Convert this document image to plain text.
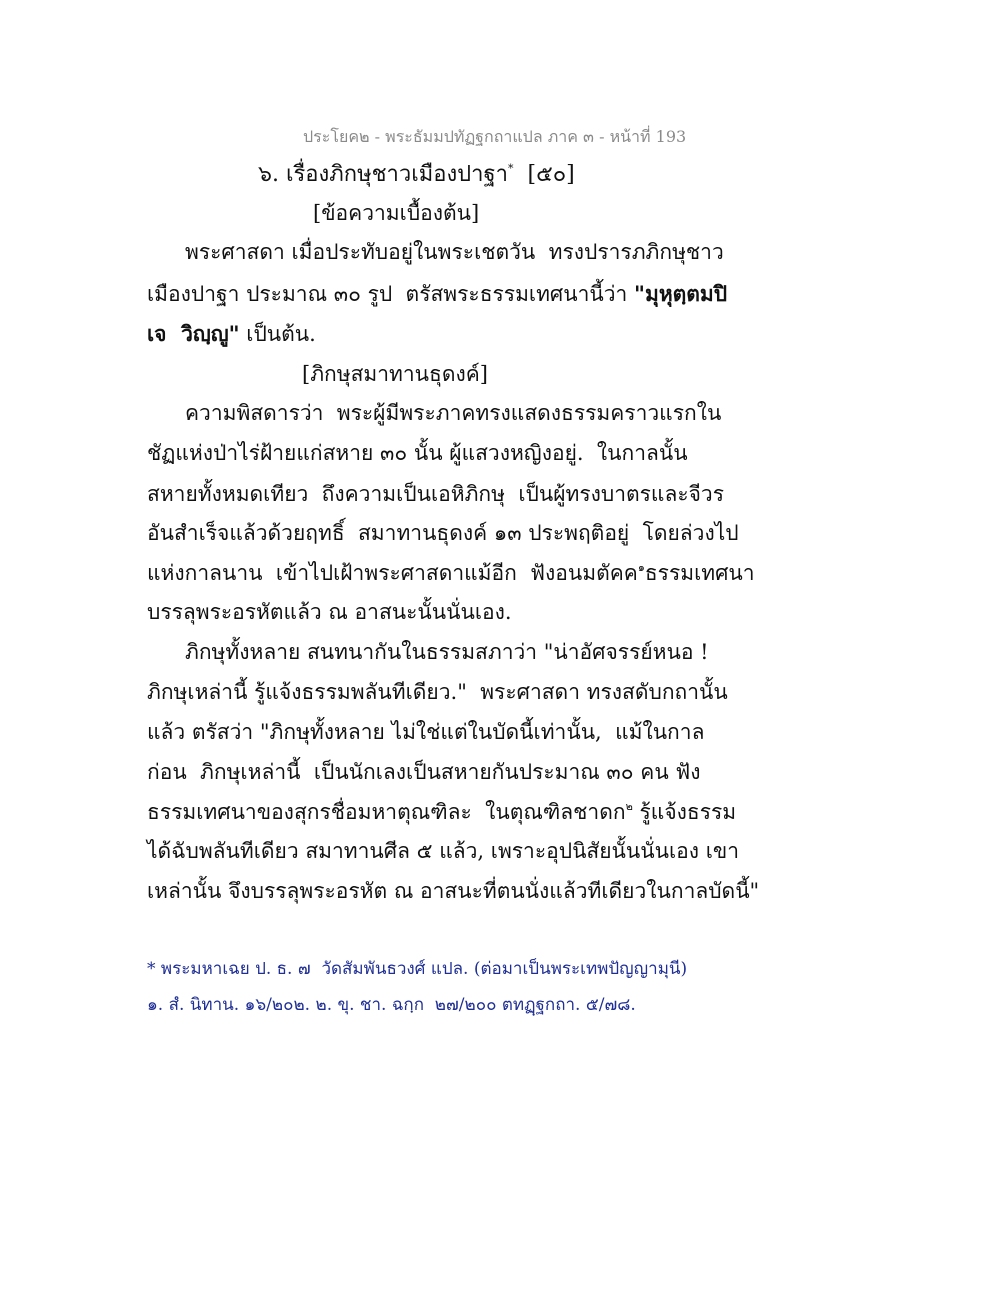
ประโยค๒ - พระธัมมปทัฏฐกถาแปล ภาค ๓ - หน้าที่ 193
๖. เรื่องภิกษุชาวเมืองปาฐา*  [๕๐]
[ข้อความเบื้องต้น]
พระศาสดา เมื่อประทับอยู่ในพระเชตวัน  ทรงปรารภภิกษุชาว
เมืองปาฐา ประมาณ ๓๐ รูป  ตรัสพระธรรมเทศนานี้ว่า "มุหุตฺตมปิ
เจ  วิญฺญู" เป็นต้น.
[ภิกษุสมาทานธุดงค์]
ความพิสดารว่า  พระผู้มีพระภาคทรงแสดงธรรมคราวแรกใน
ชัฏแห่งป่าไร่ฝ้ายแก่สหาย ๓๐ นั้น ผู้แสวงหญิงอยู่.  ในกาลนั้น
สหายทั้งหมดเทียว  ถึงความเป็นเอหิภิกษุ  เป็นผู้ทรงบาตรและจีวร
อันสำเร็จแล้วด้วยฤทธิ์  สมาทานธุดงค์ ๑๓ ประพฤติอยู่  โดยล่วงไป
แห่งกาลนาน  เข้าไปเฝ้าพระศาสดาแม้อีก  ฟังอนมตัคค$^๑$ธรรมเทศนา
บรรลุพระอรหัตแล้ว ณ อาสนะนั้นนั่นเอง.
ภิกษุทั้งหลาย สนทนากันในธรรมสภาว่า "น่าอัศจรรย์หนอ !
ภิกษุเหล่านี้ รู้แจ้งธรรมพลันทีเดียว."  พระศาสดา ทรงสดับกถานั้น
แล้ว ตรัสว่า "ภิกษุทั้งหลาย ไม่ใช่แต่ในบัดนี้เท่านั้น,  แม้ในกาล
ก่อน  ภิกษุเหล่านี้  เป็นนักเลงเป็นสหายกันประมาณ ๓๐ คน ฟัง
ธรรมเทศนาของสุกรชื่อมหาตุณฑิละ  ในตุณฑิลชาดก$^๒$ รู้แจ้งธรรม
ได้ฉับพลันทีเดียว สมาทานศีล ๕ แล้ว, เพราะอุปนิสัยนั้นนั่นเอง เขา
เหล่านั้น จึงบรรลุพระอรหัต ณ อาสนะที่ตนนั่งแล้วทีเดียวในกาลบัดนี้"
* พระมหาเฉย ป. ธ. ๗  วัดสัมพันธวงศ์ แปล. (ต่อมาเป็นพระเทพปัญญามุนี)
๑. สํ. นิทาน. ๑๖/๒๐๒. ๒. ขุ. ชา. ฉกฺก  ๒๗/๒๐๐ ตทฏฺฐกถา. ๕/๗๘.
